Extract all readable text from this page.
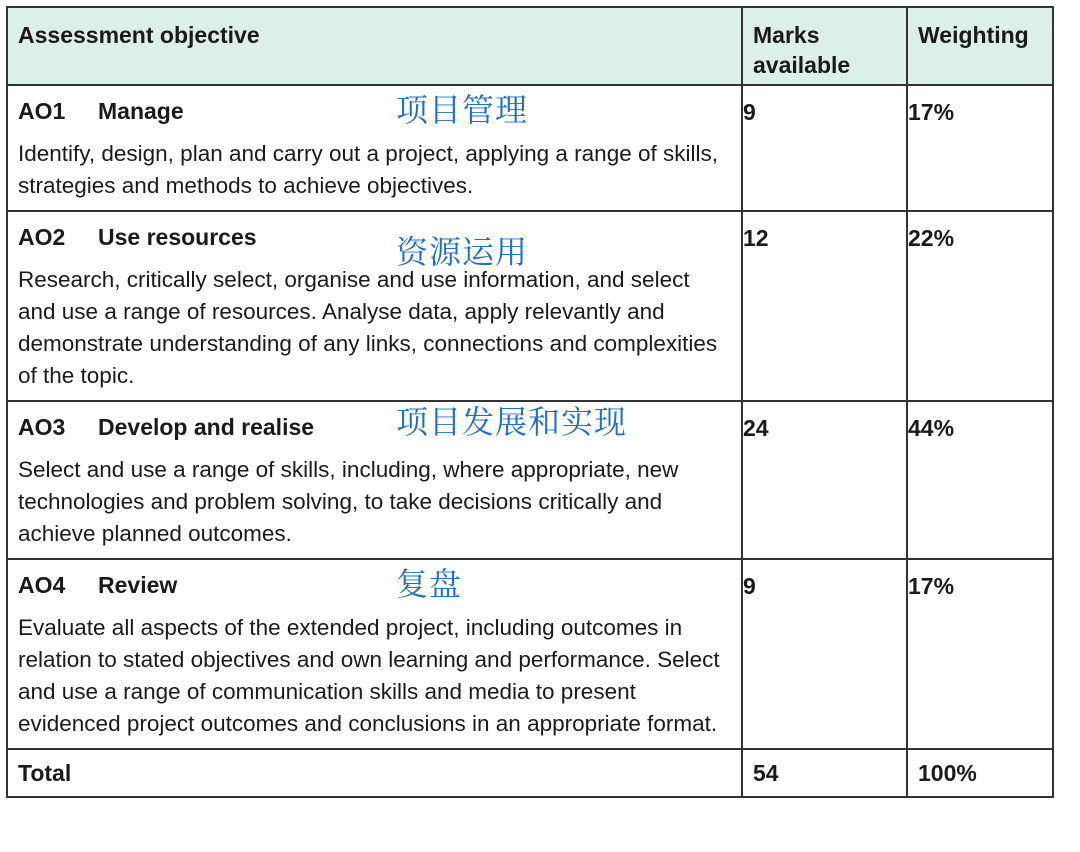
Assessment objective	Marks available	Weighting

AO1 Manage 项目管理
Identify, design, plan and carry out a project, applying a range of skills, strategies and methods to achieve objectives.	9	17%

AO2 Use resources 资源运用
Research, critically select, organise and use information, and select and use a range of resources. Analyse data, apply relevantly and demonstrate understanding of any links, connections and complexities of the topic.	12	22%

AO3 Develop and realise 项目发展和实现
Select and use a range of skills, including, where appropriate, new technologies and problem solving, to take decisions critically and achieve planned outcomes.	24	44%

AO4 Review 复盘
Evaluate all aspects of the extended project, including outcomes in relation to stated objectives and own learning and performance. Select and use a range of communication skills and media to present evidenced project outcomes and conclusions in an appropriate format.	9	17%
Total	54	100%
